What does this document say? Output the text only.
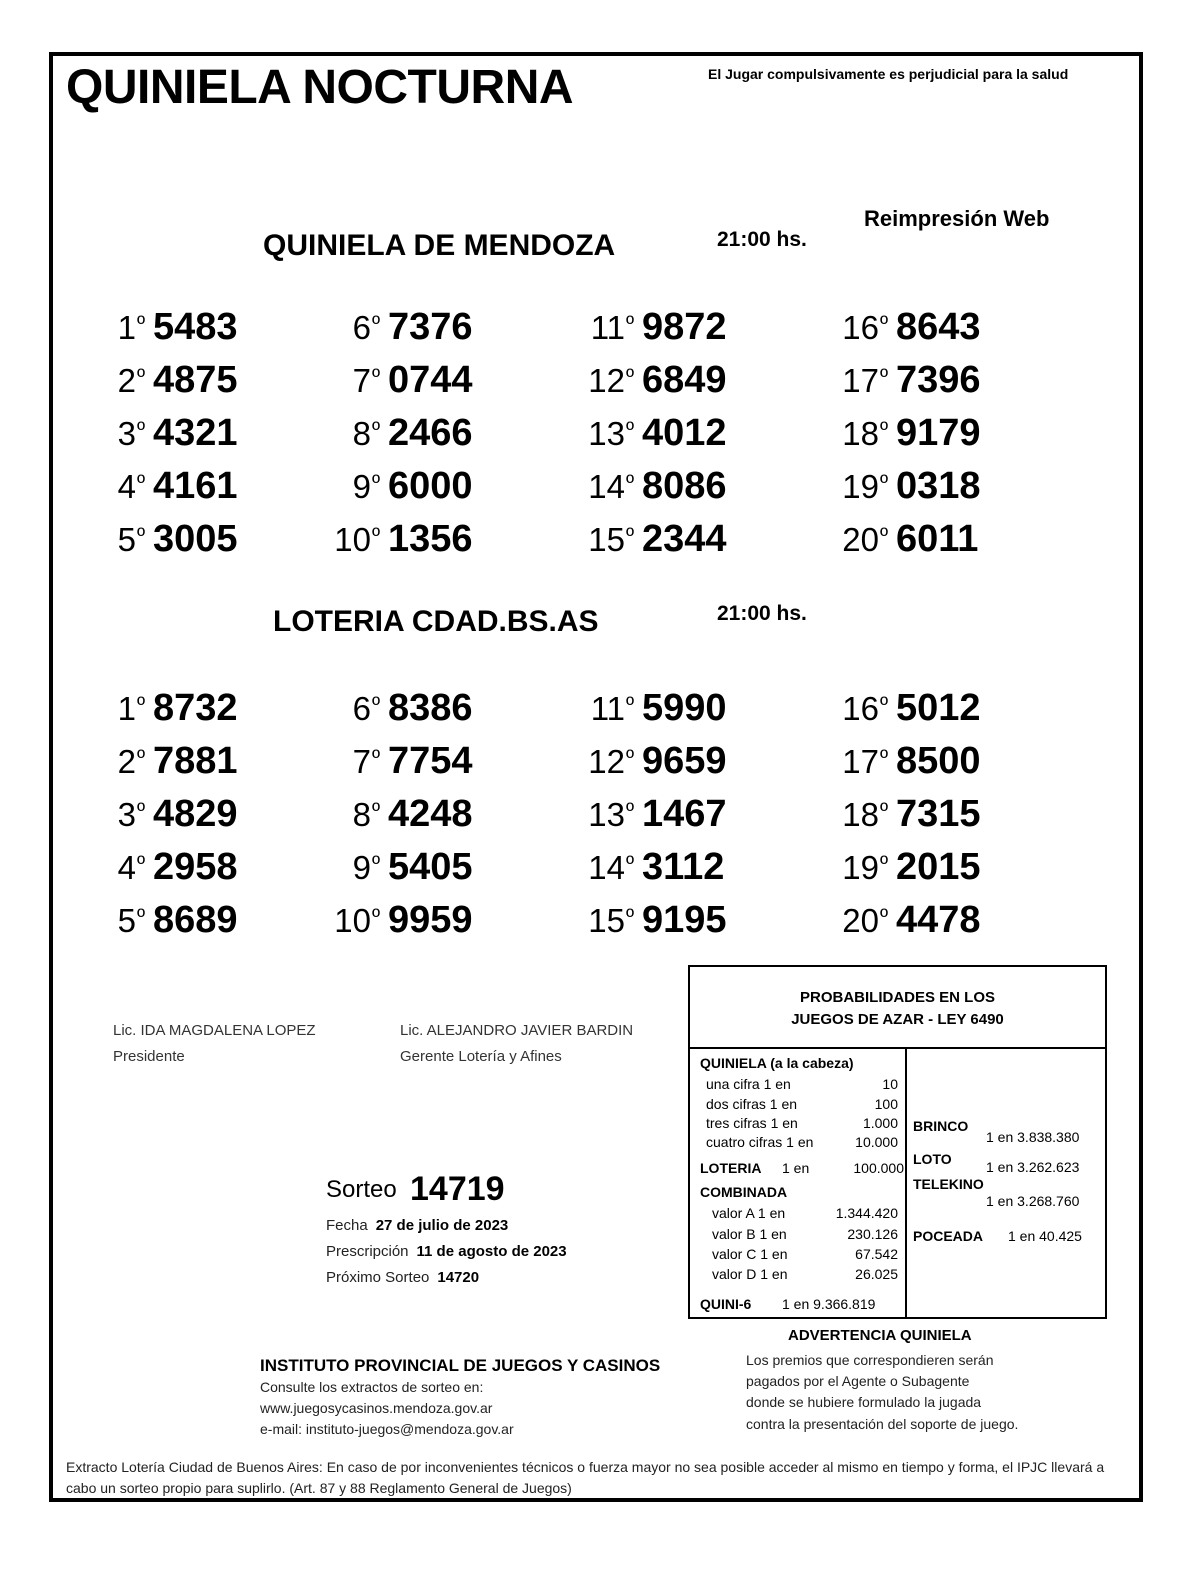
QUINIELA NOCTURNA	El Jugar compulsivamente es perjudicial para la salud
Reimpresión Web
QUINIELA DE MENDOZA	21:00 hs.
$1^º$ 5483
$2^º$ 4875
$3^º$ 4321
$4^º$ 4161
$5^º$ 3005
$6^º$ 7376
$7^º$ 0744
$8^º$ 2466
$9^º$ 6000
$10^º$ 1356
$11^º$ 9872
$12^º$ 6849
$13^º$ 4012
$14^º$ 8086
$15^º$ 2344
$16^º$ 8643
$17^º$ 7396
$18^º$ 9179
$19^º$ 0318
$20^º$ 6011
LOTERIA CDAD.BS.AS	21:00 hs.
$1^º$ 8732
$2^º$ 7881
$3^º$ 4829
$4^º$ 2958
$5^º$ 8689
$6^º$ 8386
$7^º$ 7754
$8^º$ 4248
$9^º$ 5405
$10^º$ 9959
$11^º$ 5990
$12^º$ 9659
$13^º$ 1467
$14^º$ 3112
$15^º$ 9195
$16^º$ 5012
$17^º$ 8500
$18^º$ 7315
$19^º$ 2015
$20^º$ 4478
Lic. IDA MAGDALENA LOPEZ
Presidente
Lic. ALEJANDRO JAVIER BARDIN
Gerente Lotería y Afines
Sorteo 14719
Fecha 27 de julio de 2023
Prescripción 11 de agosto de 2023
Próximo Sorteo 14720
PROBABILIDADES EN LOS
JUEGOS DE AZAR - LEY 6490
QUINIELA (a la cabeza)
una cifra 1 en	10
dos cifras 1 en	100
tres cifras 1 en	1.000
cuatro cifras 1 en	10.000
LOTERIA 1 en	100.000
COMBINADA
valor A 1 en	1.344.420
valor B 1 en	230.126
valor C 1 en	67.542
valor D 1 en	26.025
QUINI-6 1 en 9.366.819
BRINCO
1 en 3.838.380
LOTO 1 en 3.262.623
TELEKINO
1 en 3.268.760
POCEADA 1 en 40.425
ADVERTENCIA QUINIELA
Los premios que correspondieren serán
pagados por el Agente o Subagente
donde se hubiere formulado la jugada
contra la presentación del soporte de juego.
INSTITUTO PROVINCIAL DE JUEGOS Y CASINOS
Consulte los extractos de sorteo en:
www.juegosycasinos.mendoza.gov.ar
e-mail: instituto-juegos@mendoza.gov.ar
Extracto Lotería Ciudad de Buenos Aires: En caso de por inconvenientes técnicos o fuerza mayor no sea posible acceder al mismo en tiempo y forma, el IPJC llevará a cabo un sorteo propio para suplirlo. (Art. 87 y 88 Reglamento General de Juegos)
